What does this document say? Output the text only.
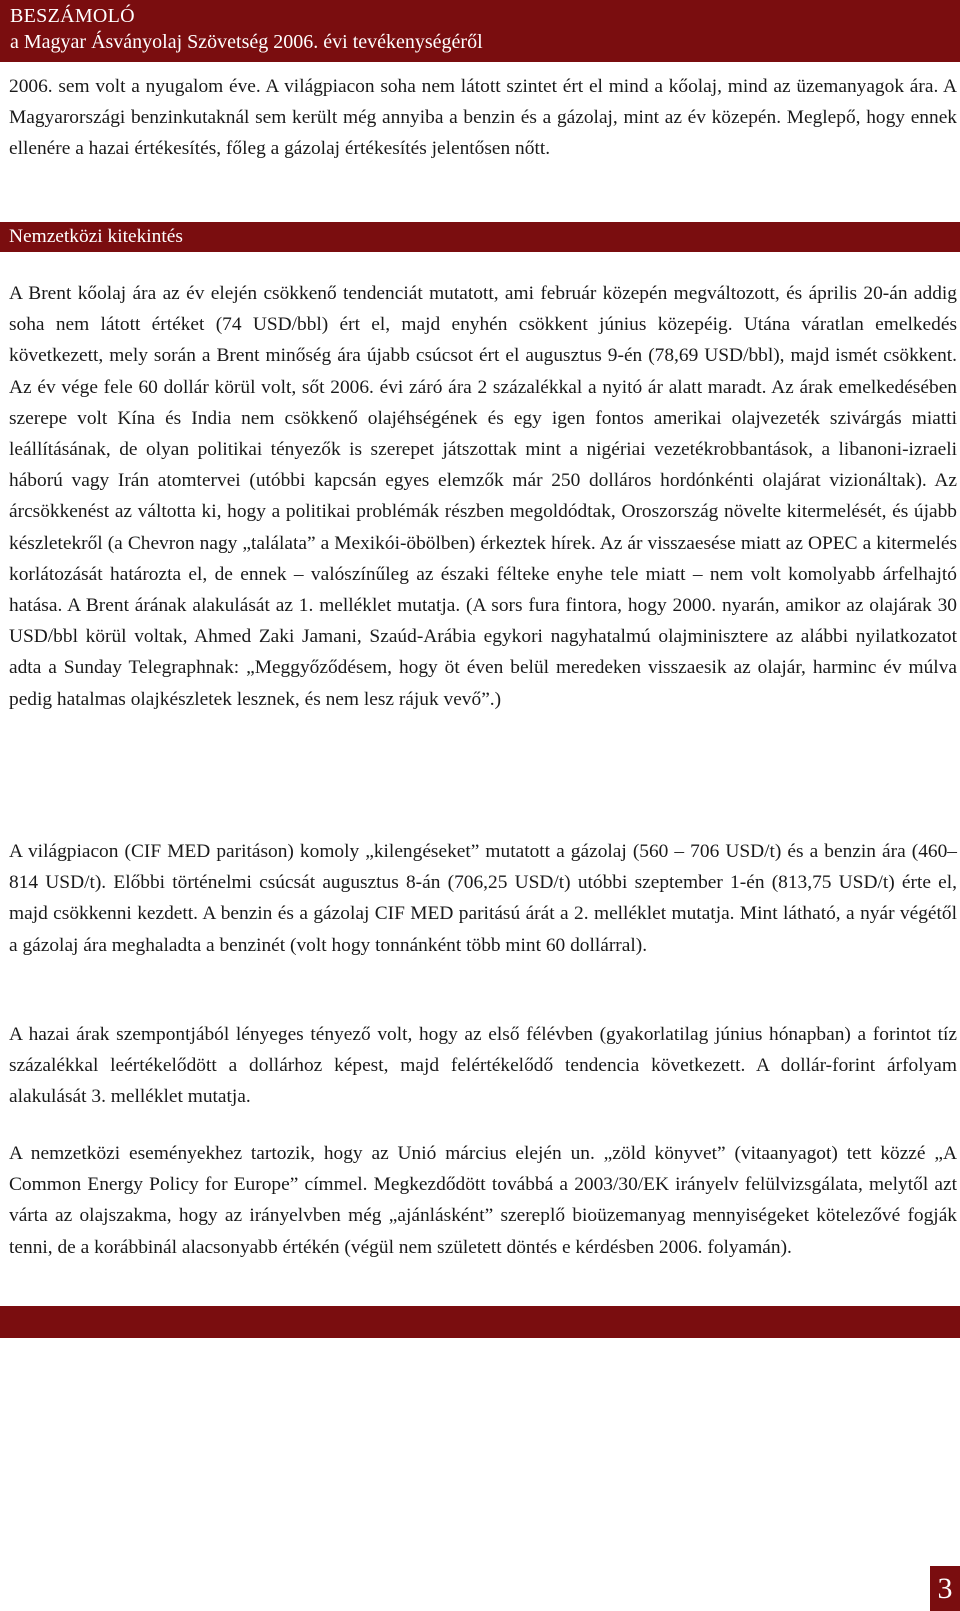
BESZÁMOLÓ
a Magyar Ásványolaj Szövetség 2006. évi tevékenységéről

2006. sem volt a nyugalom éve. A világpiacon soha nem látott szintet ért el mind a kőolaj, mind az üzemanyagok ára. A Magyarországi benzinkutaknál sem került még annyiba a benzin és a gázolaj, mint az év közepén. Meglepő, hogy ennek ellenére a hazai értékesítés, főleg a gázolaj értékesítés jelentősen nőtt.

Nemzetközi kitekintés

A Brent kőolaj ára az év elején csökkenő tendenciát mutatott, ami február közepén megváltozott, és április 20-án addig soha nem látott értéket (74 USD/bbl) ért el, majd enyhén csökkent június közepéig. Utána váratlan emelkedés következett, mely során a Brent minőség ára újabb csúcsot ért el augusztus 9-én (78,69 USD/bbl), majd ismét csökkent. Az év vége fele 60 dollár körül volt, sőt 2006. évi záró ára 2 százalékkal a nyitó ár alatt maradt. Az árak emelkedésében szerepe volt Kína és India nem csökkenő olajéhségének és egy igen fontos amerikai olajvezeték szivárgás miatti leállításának, de olyan politikai tényezők is szerepet játszottak mint a nigériai vezetékrobbantások, a libanoni-izraeli háború vagy Irán atomtervei (utóbbi kapcsán egyes elemzők már 250 dolláros hordónkénti olajárat vizionáltak). Az árcsökkenést az váltotta ki, hogy a politikai problémák részben megoldódtak, Oroszország növelte kitermelését, és újabb készletekről (a Chevron nagy „találata” a Mexikói-öbölben) érkeztek hírek. Az ár visszaesése miatt az OPEC a kitermelés korlátozását határozta el, de ennek – valószínűleg az északi félteke enyhe tele miatt – nem volt komolyabb árfelhajtó hatása. A Brent árának alakulását az 1. melléklet mutatja. (A sors fura fintora, hogy 2000. nyarán, amikor az olajárak 30 USD/bbl körül voltak, Ahmed Zaki Jamani, Szaúd-Arábia egykori nagyhatalmú olajminisztere az alábbi nyilatkozatot adta a Sunday Telegraphnak: „Meggyőződésem, hogy öt éven belül meredeken visszaesik az olajár, harminc év múlva pedig hatalmas olajkészletek lesznek, és nem lesz rájuk vevő”.)

A világpiacon (CIF MED paritáson) komoly „kilengéseket” mutatott a gázolaj (560 – 706 USD/t) és a benzin ára (460–814 USD/t). Előbbi történelmi csúcsát augusztus 8-án (706,25 USD/t) utóbbi szeptember 1-én (813,75 USD/t) érte el, majd csökkenni kezdett. A benzin és a gázolaj CIF MED paritású árát a 2. melléklet mutatja. Mint látható, a nyár végétől a gázolaj ára meghaladta a benzinét (volt hogy tonnánként több mint 60 dollárral).

A hazai árak szempontjából lényeges tényező volt, hogy az első félévben (gyakorlatilag június hónapban) a forintot tíz százalékkal leértékelődött a dollárhoz képest, majd felértékelődő tendencia következett. A dollár-forint árfolyam alakulását 3. melléklet mutatja.

A nemzetközi eseményekhez tartozik, hogy az Unió március elején un. „zöld könyvet” (vitaanyagot) tett közzé „A Common Energy Policy for Europe” címmel. Megkezdődött továbbá a 2003/30/EK irányelv felülvizsgálata, melytől azt várta az olajszakma, hogy az irányelvben még „ajánlásként” szereplő bioüzemanyag mennyiségeket kötelezővé fogják tenni, de a korábbinál alacsonyabb értékén (végül nem született döntés e kérdésben 2006. folyamán).

3
